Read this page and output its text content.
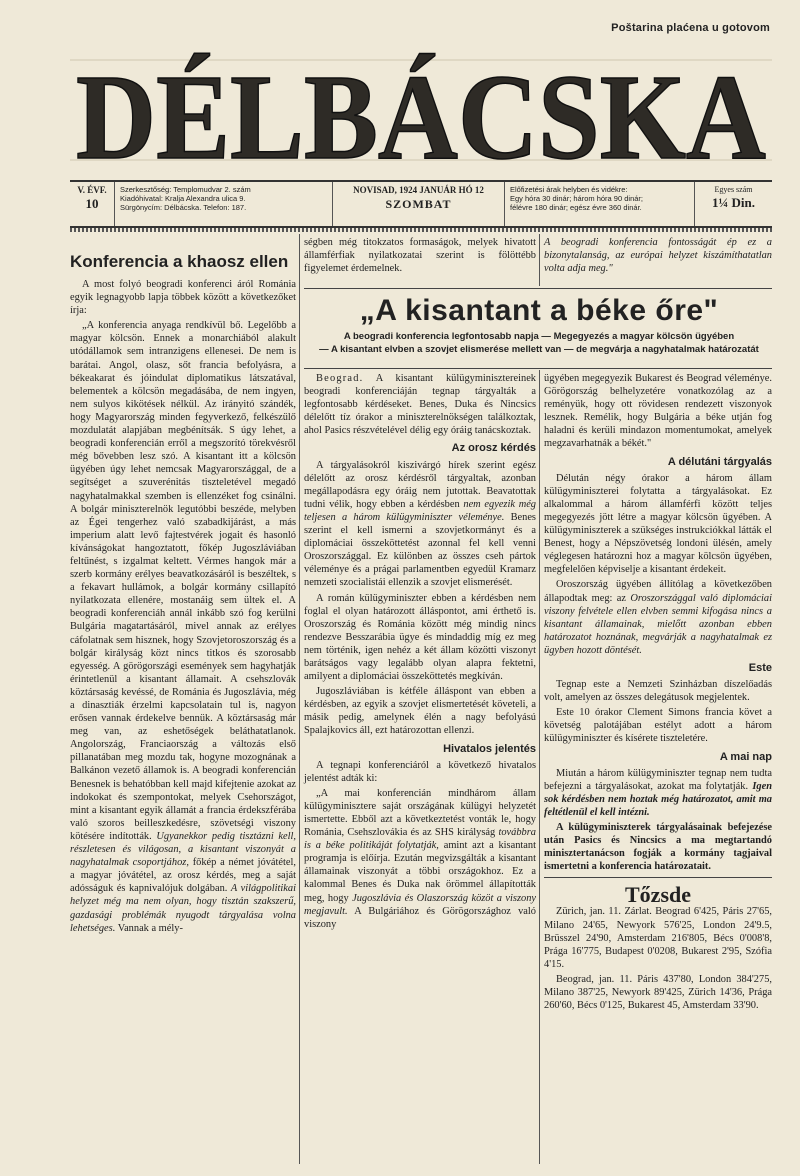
Poštarina plaćena u gotovom
DÉLBÁCSKA
V. ÉVF.
10
Szerkesztőség: Templomudvar 2. szám
Kiadóhivatal: Kralja Alexandra ulica 9.
Sürgönycím: Délbácska. Telefon: 187.
NOVISAD, 1924 JANUÁR HÓ 12
SZOMBAT
Előfizetési árak helyben és vidékre:
Egy hóra 30 dinár; három hóra 90 dinár;
félévre 180 dinár; egész évre 360 dinár.
Egyes szám
1¼ Din.
Konferencia a khaosz ellen

A most folyó beogradi konferenci áról Románia egyik legnagyobb lapja többek között a következőket írja:

„A konferencia anyaga rendkívül bő. Legelőbb a magyar kölcsön. Ennek a monarchiából alakult utódállamok sem intranzigens ellenesei. De nem is barátai. Angol, olasz, sőt francia befolyásra, a békeakarat és jóindulat diplomatikus látszatával, belementek a kölcsön megadásába, de nem ingyen, nem sulyos kikötések nélkül. Az irányitó szándék, hogy Magyarország minden fegyverkező, felkészülő mozdulatát alapjában megbénítsák. S úgy lehet, a beogradi konferencián erről a megszorító törekvésről még bővebben lesz szó. A kisantant itt a kölcsön ügyében úgy lehet nemcsak Magyarországgal, de a segítséget a szuverénitás tiszteletével megadó nagyhatalmakkal szemben is ellenzéket fog csinálni. A bolgár miniszterelnök legutóbbi beszéde, melyben az Égei tengerhez való szabadkijárást, a más imperium alatt levő fajtestvérek jogait és hasonló kívánságokat hangoztatott, főkép Jugoszláviában feltűnést, s izgalmat keltett. Vérmes hangok már a szerb kormány erélyes beavatkozásáról is beszéltek, s a fekavart hullámok, a bolgár kormány csillapító nyilatkozata ellenére, mostanáig sem ültek el. A beogradi konferenciáh annál inkább szó fog kerülni Bulgária magatartásáról, mivel annak az erélyes cáfolatnak sem hisznek, hogy Szovjetoroszország és a bolgár királyság közt nincs titkos és szorosabb egyesség. A görögországi események sem hagyhatják érintetlenül a kisantant államait. A csehszlovák köztársaság kevéssé, de Románia és Jugoszlávia, még a dinasztiák érzelmi kapcsolatain tul is, nagyon erősen vannak érdekelve bennük. A köztársaság már meg van, az eshetőségek beláthatatlanok. Angolország, Franciaország a változás első pillanatában meg mozdu tak, hogyne mozognának a Balkánon vezető államok is. A beogradi konferencián Benesnek is behatóbban kell majd kifejtenie azokat az indokokat és szempontokat, melyek Csehországot, mint a kisantant egyik államát a francia érdekszférába való szoros beilleszkedésre, szövetségi viszony kötésére indították. Ugyanekkor pedig tisztázni kell, részletesen és világosan, a kisantant viszonyát a nagyhatalmak csoportjához, főkép a német jóvátétel, a magyar jóvátétel, az orosz kérdés, meg a saját adósságuk és kapnivalójuk dolgában. A világpolitikai helyzet még ma nem olyan, hogy tisztán szakszerű, gazdasági problémák nyugodt tárgyalása volna lehetséges. Vannak a mély-

ségben még titokzatos formaságok, melyek hivatott államférfiak nyilatkozatai szerint is fölöttébb figyelemet érdemelnek.

A beogradi konferencia fontosságát ép ez a bizonytalanság, az európai helyzet kiszámíthatatlan volta adja meg."

„A kisantant a béke őre"
A beogradi konferencia legfontosabb napja — Megegyezés a magyar kölcsön ügyében
— A kisantant elvben a szovjet elismerése mellett van — de megvárja a nagyhatalmak határozatát

Beograd. A kisantant külügyminisztereinek beogradi konferenciáján tegnap tárgyalták a legfontosabb kérdéseket. Benes, Duka és Nincsics délelőtt tíz órakor a miniszterelnökségen találkoztak, ahol Pasics részvételével délig egy óráig tanácskoztak.

Az orosz kérdés

A tárgyalásokról kiszivárgó hírek szerint egész délelőtt az orosz kérdésről tárgyaltak, azonban megállapodásra egy óráig nem jutottak. Beavatottak tudni vélik, hogy ebben a kérdésben nem egyezik még teljesen a három külügyminiszter véleménye. Benes szerint el kell ismerni a szovjetkormányt és a diplomáciai összeköttetést azonnal fel kell venni Oroszországgal. Ez különben az összes cseh pártok véleménye és a prágai parlamentben egyedül Kramarz nemzeti szocialistái ellenzik a szovjet elismerését.

A román külügyminiszter ebben a kérdésben nem foglal el olyan határozott álláspontot, ami érthető is. Oroszország és Románia között még mindig nincs rendezve Besszarábia ügye és mindaddig míg ez meg nem történik, igen nehéz a két állam közötti viszonyt barátságos vagy legalább olyan alapra fektetni, amilyent a diplomáciai összeköttetés megkíván.

Jugoszláviában is kétféle álláspont van ebben a kérdésben, az egyik a szovjet elismertetését követeli, a másik pedig, amelynek élén a nagy befolyású Spalajkovics áll, ezt határozottan ellenzi.

Hivatalos jelentés

A tegnapi konferenciáról a következő hivatalos jelentést adták ki:

„A mai konferencián mindhárom állam külügyminisztere saját országának külügyi helyzetét ismertette. Ebből azt a következtetést vonták le, hogy Románia, Csehszlovákia és az SHS királyság továbbra is a béke politikáját folytatják, amint azt a kisantant programja is előírja. Ezután megvizsgálták a kisantant államainak viszonyát a többi országokhoz. Ez a kalommal Benes és Duka nak örömmel állapították meg, hogy Jugoszlávia és Olaszország közöt a viszony megjavult. A Bulgáriához és Görögországhoz való viszony

ügyében megegyezik Bukarest és Beograd véleménye. Görögország belhelyzetére vonatkozólag az a reményük, hogy ott rövidesen rendezett viszonyok lesznek. Remélik, hogy Bulgária a béke utján fog haladni és kerüli mindazon momentumokat, amelyek megzavarhatnák a békét."

A délutáni tárgyalás

Délután négy órakor a három állam külügyminiszterei folytatta a tárgyalásokat. Ez alkalommal a három államférfi között teljes megegyezés jött létre a magyar kölcsön ügyében. A külügyminiszterek a szükséges instrukciókkal látták el Benest, hogy a Népszövetség londoni ülésén, amely véglegesen határozni hoz a magyar kölcsön ügyében, megfelelően képviselje a kisantant érdekeit.

Oroszország ügyében állítólag a következőben állapodtak meg: az Oroszországgal való diplomáciai viszony felvétele ellen elvben semmi kifogása nincs a kisantant államainak, mielőtt azonban ebben határozatot hoznának, megvárják a nagyhatalmak ez ügyben hozott döntését.

Este

Tegnap este a Nemzeti Szinházban díszelőadás volt, amelyen az összes delegátusok megjelentek.

Este 10 órakor Clement Simons francia követ a követség palotájában estélyt adott a három külügyminiszter és kísérete tiszteletére.

A mai nap

Miután a három külügyminiszter tegnap nem tudta befejezni a tárgyalásokat, azokat ma folytatják. Igen sok kérdésben nem hoztak még határozatot, amit ma feltétlenül el kell intézni.

A külügyminiszterek tárgyalásainak befejezése után Pasics és Nincsics a ma megtartandó minisztertanácson fogják a kormány tagjaival ismertetni a konferencia határozatait.

Tőzsde

Zürich, jan. 11. Zárlat. Beograd 6'425, Páris 27'65, Milano 24'65, Newyork 576'25, London 24'9.5, Brüsszel 24'90, Amsterdam 216'805, Bécs 0'008'8, Prága 16'775, Budapest 0'0208, Bukarest 2'95, Szófia 4'15.

Beograd, jan. 11. Páris 437'80, London 384'275, Milano 387'25, Newyork 89'425, Zürich 14'36, Prága 260'60, Bécs 0'125, Bukarest 45, Amsterdam 33'90.
